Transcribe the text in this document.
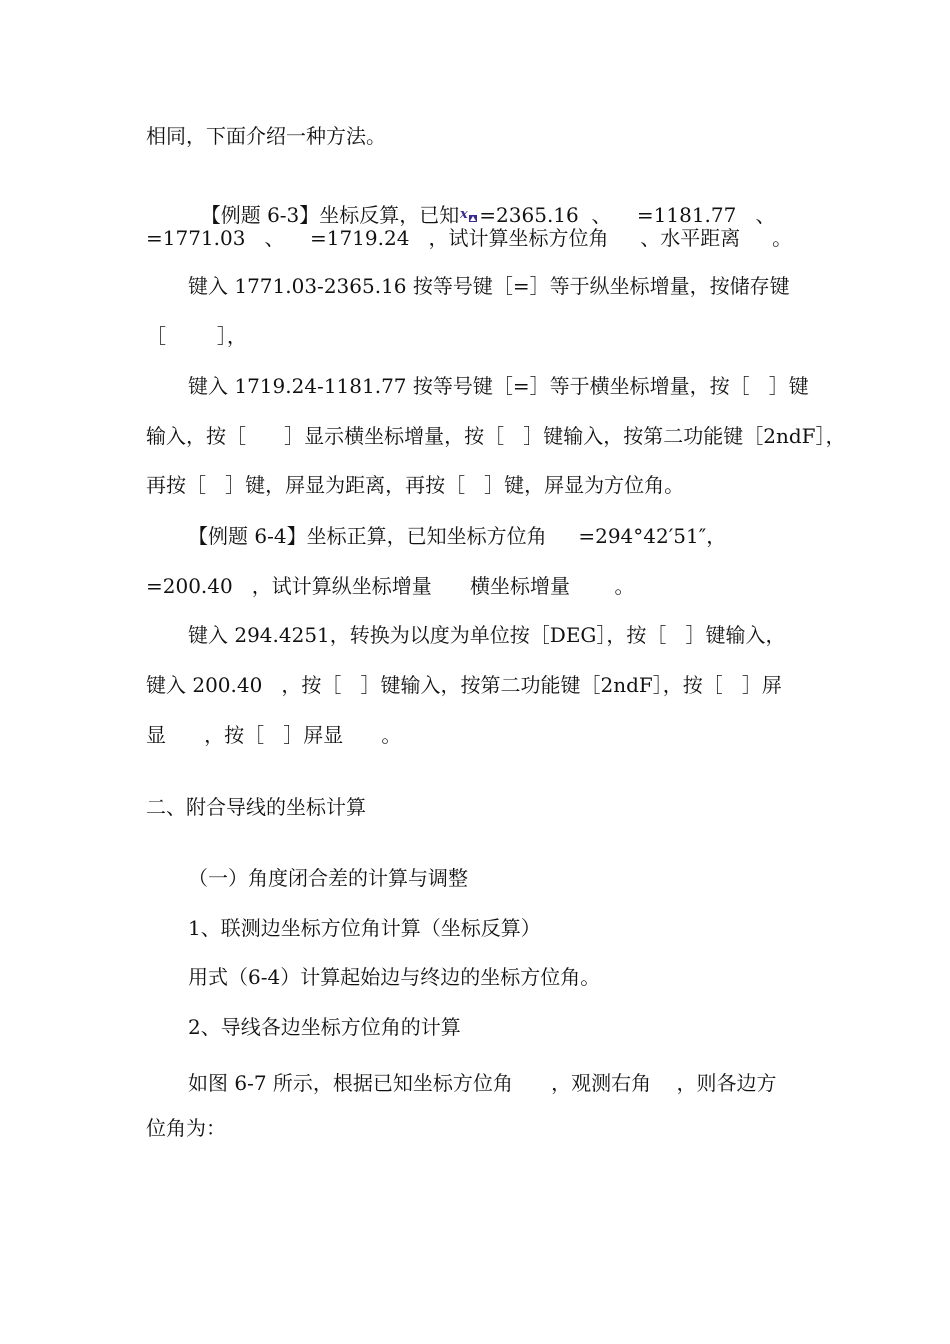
相同，下面介绍一种方法。

【例题 6-3】坐标反算，已知 x =2365.16  、    =1181.77   、

=1771.03   、    =1719.24   ，试计算坐标方位角     、水平距离     。

键入 1771.03-2365.16 按等号键［=］等于纵坐标增量，按储存键

［        ］，

键入 1719.24-1181.77 按等号键［=］等于横坐标增量，按［   ］键

输入，按［      ］显示横坐标增量，按［   ］键输入，按第二功能键［2ndF］，

再按［   ］键，屏显为距离，再按［   ］键，屏显为方位角。

【例题 6-4】坐标正算，已知坐标方位角     =294°42′51″，

=200.40   ，试计算纵坐标增量      横坐标增量       。

键入 294.4251，转换为以度为单位按［DEG］，按［   ］键输入，

键入 200.40   ，按［   ］键输入，按第二功能键［2ndF］，按［   ］屏

显      ，按［   ］屏显      。

二、附合导线的坐标计算

（一）角度闭合差的计算与调整

1、联测边坐标方位角计算（坐标反算）

用式（6-4）计算起始边与终边的坐标方位角。

2、导线各边坐标方位角的计算

如图 6-7 所示，根据已知坐标方位角      ，观测右角    ，则各边方

位角为：
